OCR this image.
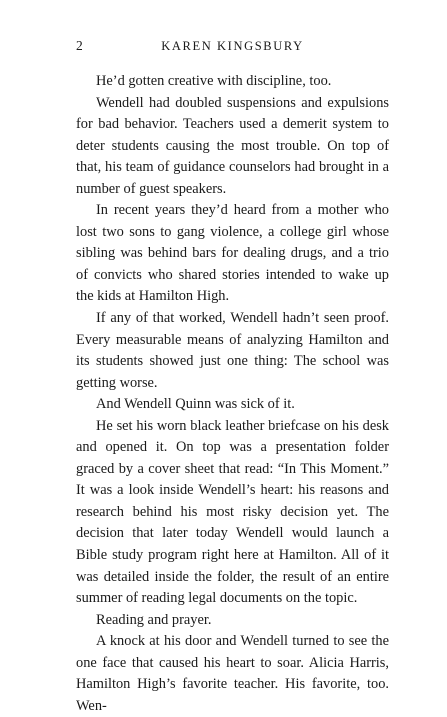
2	KAREN KINGSBURY

He’d gotten creative with discipline, too.

Wendell had doubled suspensions and expulsions for bad behavior. Teachers used a demerit system to deter students causing the most trouble. On top of that, his team of guidance counselors had brought in a number of guest speakers.

In recent years they’d heard from a mother who lost two sons to gang violence, a college girl whose sibling was behind bars for dealing drugs, and a trio of convicts who shared stories intended to wake up the kids at Hamilton High.

If any of that worked, Wendell hadn’t seen proof. Every measurable means of analyzing Hamilton and its students showed just one thing: The school was getting worse.

And Wendell Quinn was sick of it.

He set his worn black leather briefcase on his desk and opened it. On top was a presentation folder graced by a cover sheet that read: “In This Moment.” It was a look inside Wendell’s heart: his reasons and research behind his most risky decision yet. The decision that later today Wendell would launch a Bible study program right here at Hamilton. All of it was detailed inside the folder, the result of an entire summer of reading legal documents on the topic.

Reading and prayer.

A knock at his door and Wendell turned to see the one face that caused his heart to soar. Alicia Harris, Hamilton High’s favorite teacher. His favorite, too. Wen-
